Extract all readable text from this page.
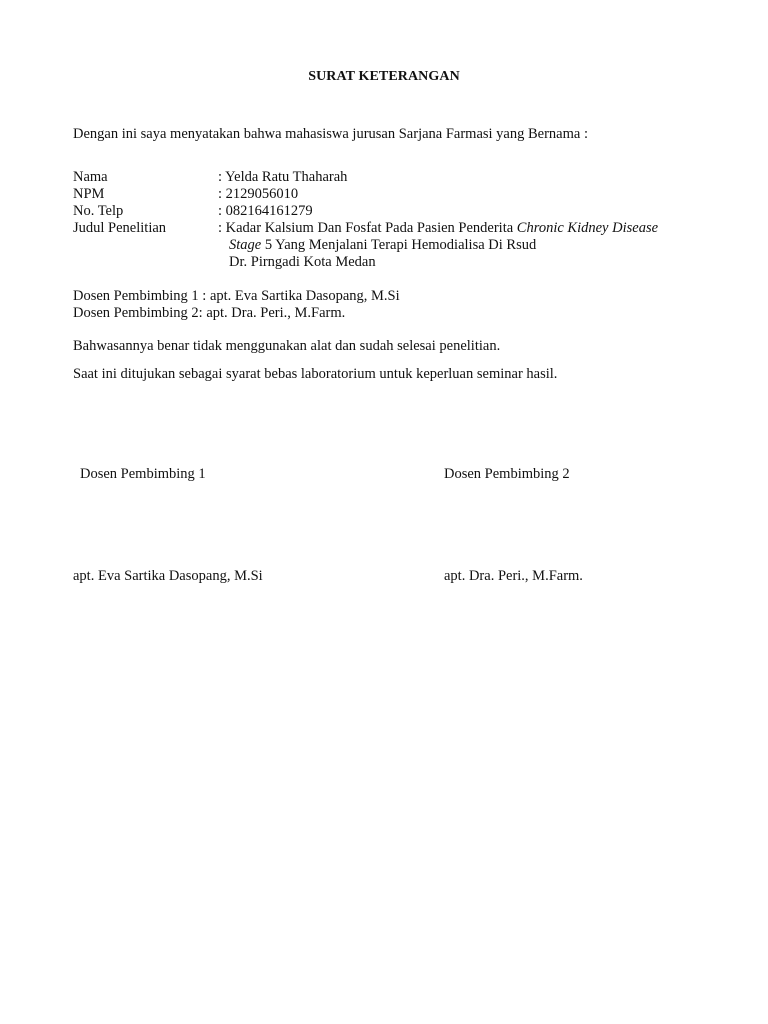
SURAT KETERANGAN

Dengan ini saya menyatakan bahwa mahasiswa jurusan Sarjana Farmasi yang Bernama :

Nama	: Yelda Ratu Thaharah

NPM	: 2129056010

No. Telp	: 082164161279

Judul Penelitian	: Kadar Kalsium Dan Fosfat Pada Pasien Penderita Chronic Kidney Disease

Stage 5 Yang Menjalani Terapi Hemodialisa Di Rsud

Dr. Pirngadi Kota Medan

Dosen Pembimbing 1 : apt. Eva Sartika Dasopang, M.Si

Dosen Pembimbing 2: apt. Dra. Peri., M.Farm.

Bahwasannya benar tidak menggunakan alat dan sudah selesai penelitian.

Saat ini ditujukan sebagai syarat bebas laboratorium untuk keperluan seminar hasil.

Dosen Pembimbing 1	Dosen Pembimbing 2

apt. Eva Sartika Dasopang, M.Si	apt. Dra. Peri., M.Farm.
